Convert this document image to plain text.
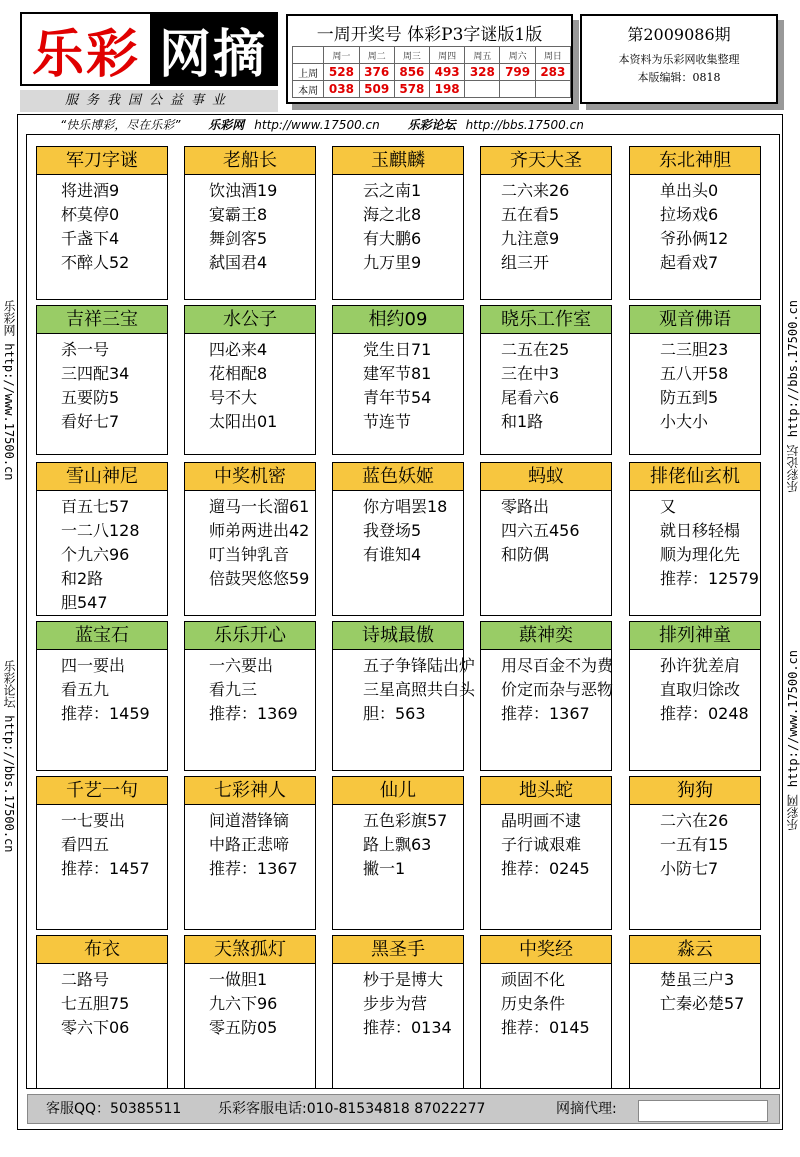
乐彩 网摘
服务我国公益事业
一周开奖号 体彩P3字谜版1版
	周一	周二	周三	周四	周五	周六	周日
上周	528	376	856	493	328	799	283
本周	038	509	578	198			
第2009086期
本资料为乐彩网收集整理
本版编辑：0818
“快乐博彩，尽在乐彩” 乐彩网 http://www.17500.cn 乐彩论坛 http://bbs.17500.cn
乐彩网 http://www.17500.cn
乐彩论坛 http://bbs.17500.cn
乐彩论坛 http://bbs.17500.cn
乐彩网 http://www.17500.cn
军刀字谜
将进酒9
杯莫停0
千盏下4
不醉人52
老船长
饮浊酒19
宴霸王8
舞剑客5
弑国君4
玉麒麟
云之南1
海之北8
有大鹏6
九万里9
齐天大圣
二六来26
五在看5
九注意9
组三开
东北神胆
单出头0
拉场戏6
爷孙俩12
起看戏7
吉祥三宝
杀一号
三四配34
五要防5
看好七7
水公子
四必来4
花相配8
号不大
太阳出01
相约09
党生日71
建军节81
青年节54
节连节
晓乐工作室
二五在25
三在中3
尾看六6
和1路
观音佛语
二三胆23
五八开58
防五到5
小大小
雪山神尼
百五七57
一二八128
个九六96
和2路
胆547
中奖机密
遛马一长溜61
师弟两进出42
叮当钟乳音
倍鼓哭悠悠59
蓝色妖姬
你方唱罢18
我登场5
有谁知4
蚂蚁
零路出
四六五456
和防偶
排佬仙玄机
又
就日移轻榻
顺为理化先
推荐：12579
蓝宝石
四一要出
看五九
推荐：1459
乐乐开心
一六要出
看九三
推荐：1369
诗城最傲
五子争锋陆出炉
三星高照共白头
胆：563
蕻神奕
用尽百金不为费
价定而杂与恶物
推荐：1367
排列神童
孙许犹差肩
直取归馀改
推荐：0248
千艺一句
一七要出
看四五
推荐：1457
七彩神人
间道潜锋镝
中路正悲啼
推荐：1367
仙儿
五色彩旗57
路上飘63
撇一1
地头蛇
晶明画不逮
子行诚艰难
推荐：0245
狗狗
二六在26
一五有15
小防七7
布衣
二路号
七五胆75
零六下06
天煞孤灯
一做胆1
九六下96
零五防05
黑圣手
杪于是博大
步步为营
推荐：0134
中奖经
顽固不化
历史条件
推荐：0145
淼云
楚虽三户3
亡秦必楚57
客服QQ：50385511	乐彩客服电话:010-81534818 87022277	网摘代理:
